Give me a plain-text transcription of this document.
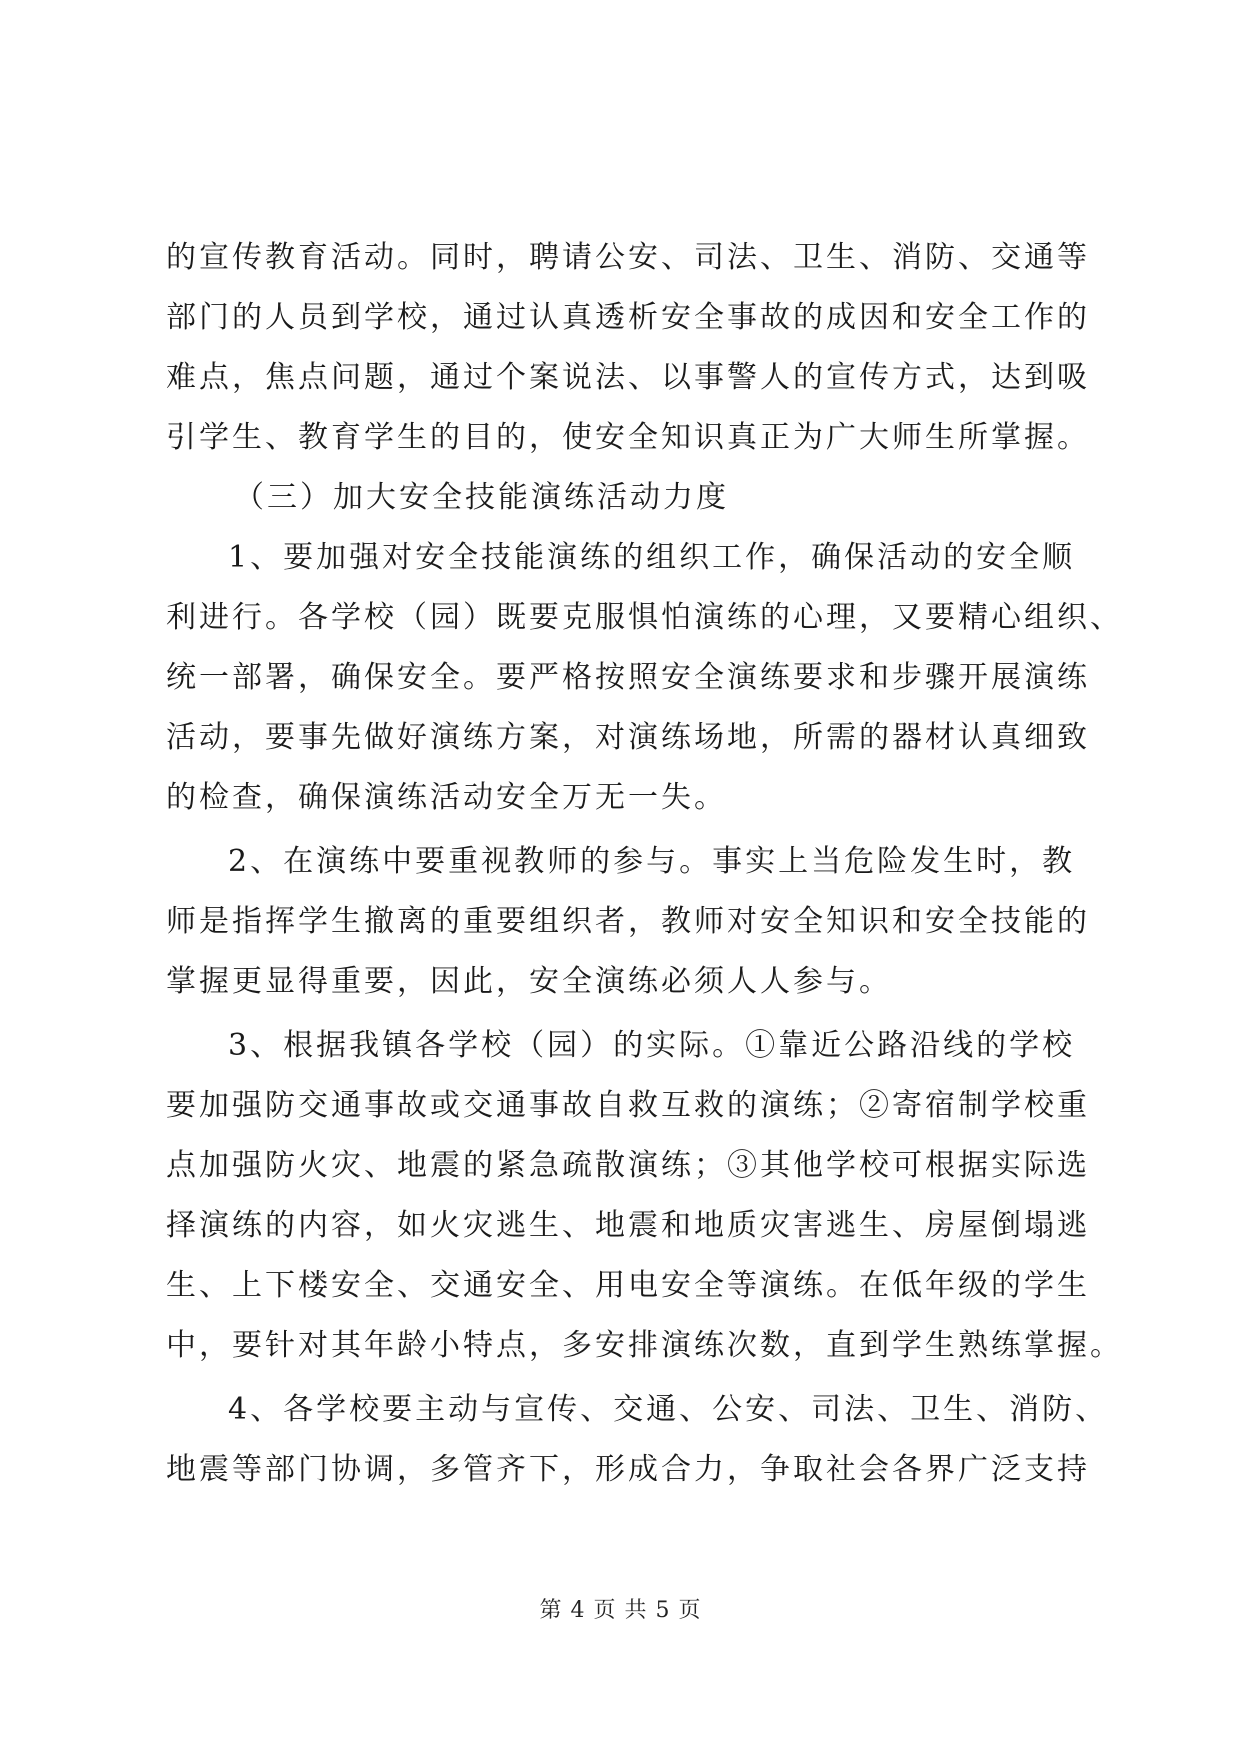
的宣传教育活动。同时，聘请公安、司法、卫生、消防、交通等
部门的人员到学校，通过认真透析安全事故的成因和安全工作的
难点，焦点问题，通过个案说法、以事警人的宣传方式，达到吸
引学生、教育学生的目的，使安全知识真正为广大师生所掌握。
（三）加大安全技能演练活动力度
1、要加强对安全技能演练的组织工作，确保活动的安全顺
利进行。各学校（园）既要克服惧怕演练的心理，又要精心组织、
统一部署，确保安全。要严格按照安全演练要求和步骤开展演练
活动，要事先做好演练方案，对演练场地，所需的器材认真细致
的检查，确保演练活动安全万无一失。
2、在演练中要重视教师的参与。事实上当危险发生时，教
师是指挥学生撤离的重要组织者，教师对安全知识和安全技能的
掌握更显得重要，因此，安全演练必须人人参与。
3、根据我镇各学校（园）的实际。①靠近公路沿线的学校
要加强防交通事故或交通事故自救互救的演练；②寄宿制学校重
点加强防火灾、地震的紧急疏散演练；③其他学校可根据实际选
择演练的内容，如火灾逃生、地震和地质灾害逃生、房屋倒塌逃
生、上下楼安全、交通安全、用电安全等演练。在低年级的学生
中，要针对其年龄小特点，多安排演练次数，直到学生熟练掌握。
4、各学校要主动与宣传、交通、公安、司法、卫生、消防、
地震等部门协调，多管齐下，形成合力，争取社会各界广泛支持
第 4 页 共 5 页
